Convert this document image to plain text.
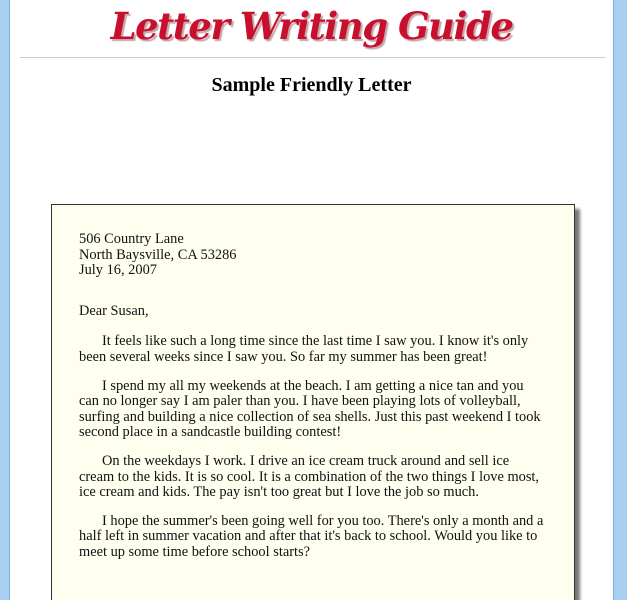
Letter Writing Guide
Sample Friendly Letter
506 Country Lane
North Baysville, CA 53286
July 16, 2007
Dear Susan,
It feels like such a long time since the last time I saw you. I know it's only been several weeks since I saw you. So far my summer has been great!
I spend my all my weekends at the beach. I am getting a nice tan and you can no longer say I am paler than you. I have been playing lots of volleyball, surfing and building a nice collection of sea shells. Just this past weekend I took second place in a sandcastle building contest!
On the weekdays I work. I drive an ice cream truck around and sell ice cream to the kids. It is so cool. It is a combination of the two things I love most, ice cream and kids. The pay isn't too great but I love the job so much.
I hope the summer's been going well for you too. There's only a month and a half left in summer vacation and after that it's back to school. Would you like to meet up some time before school starts?
